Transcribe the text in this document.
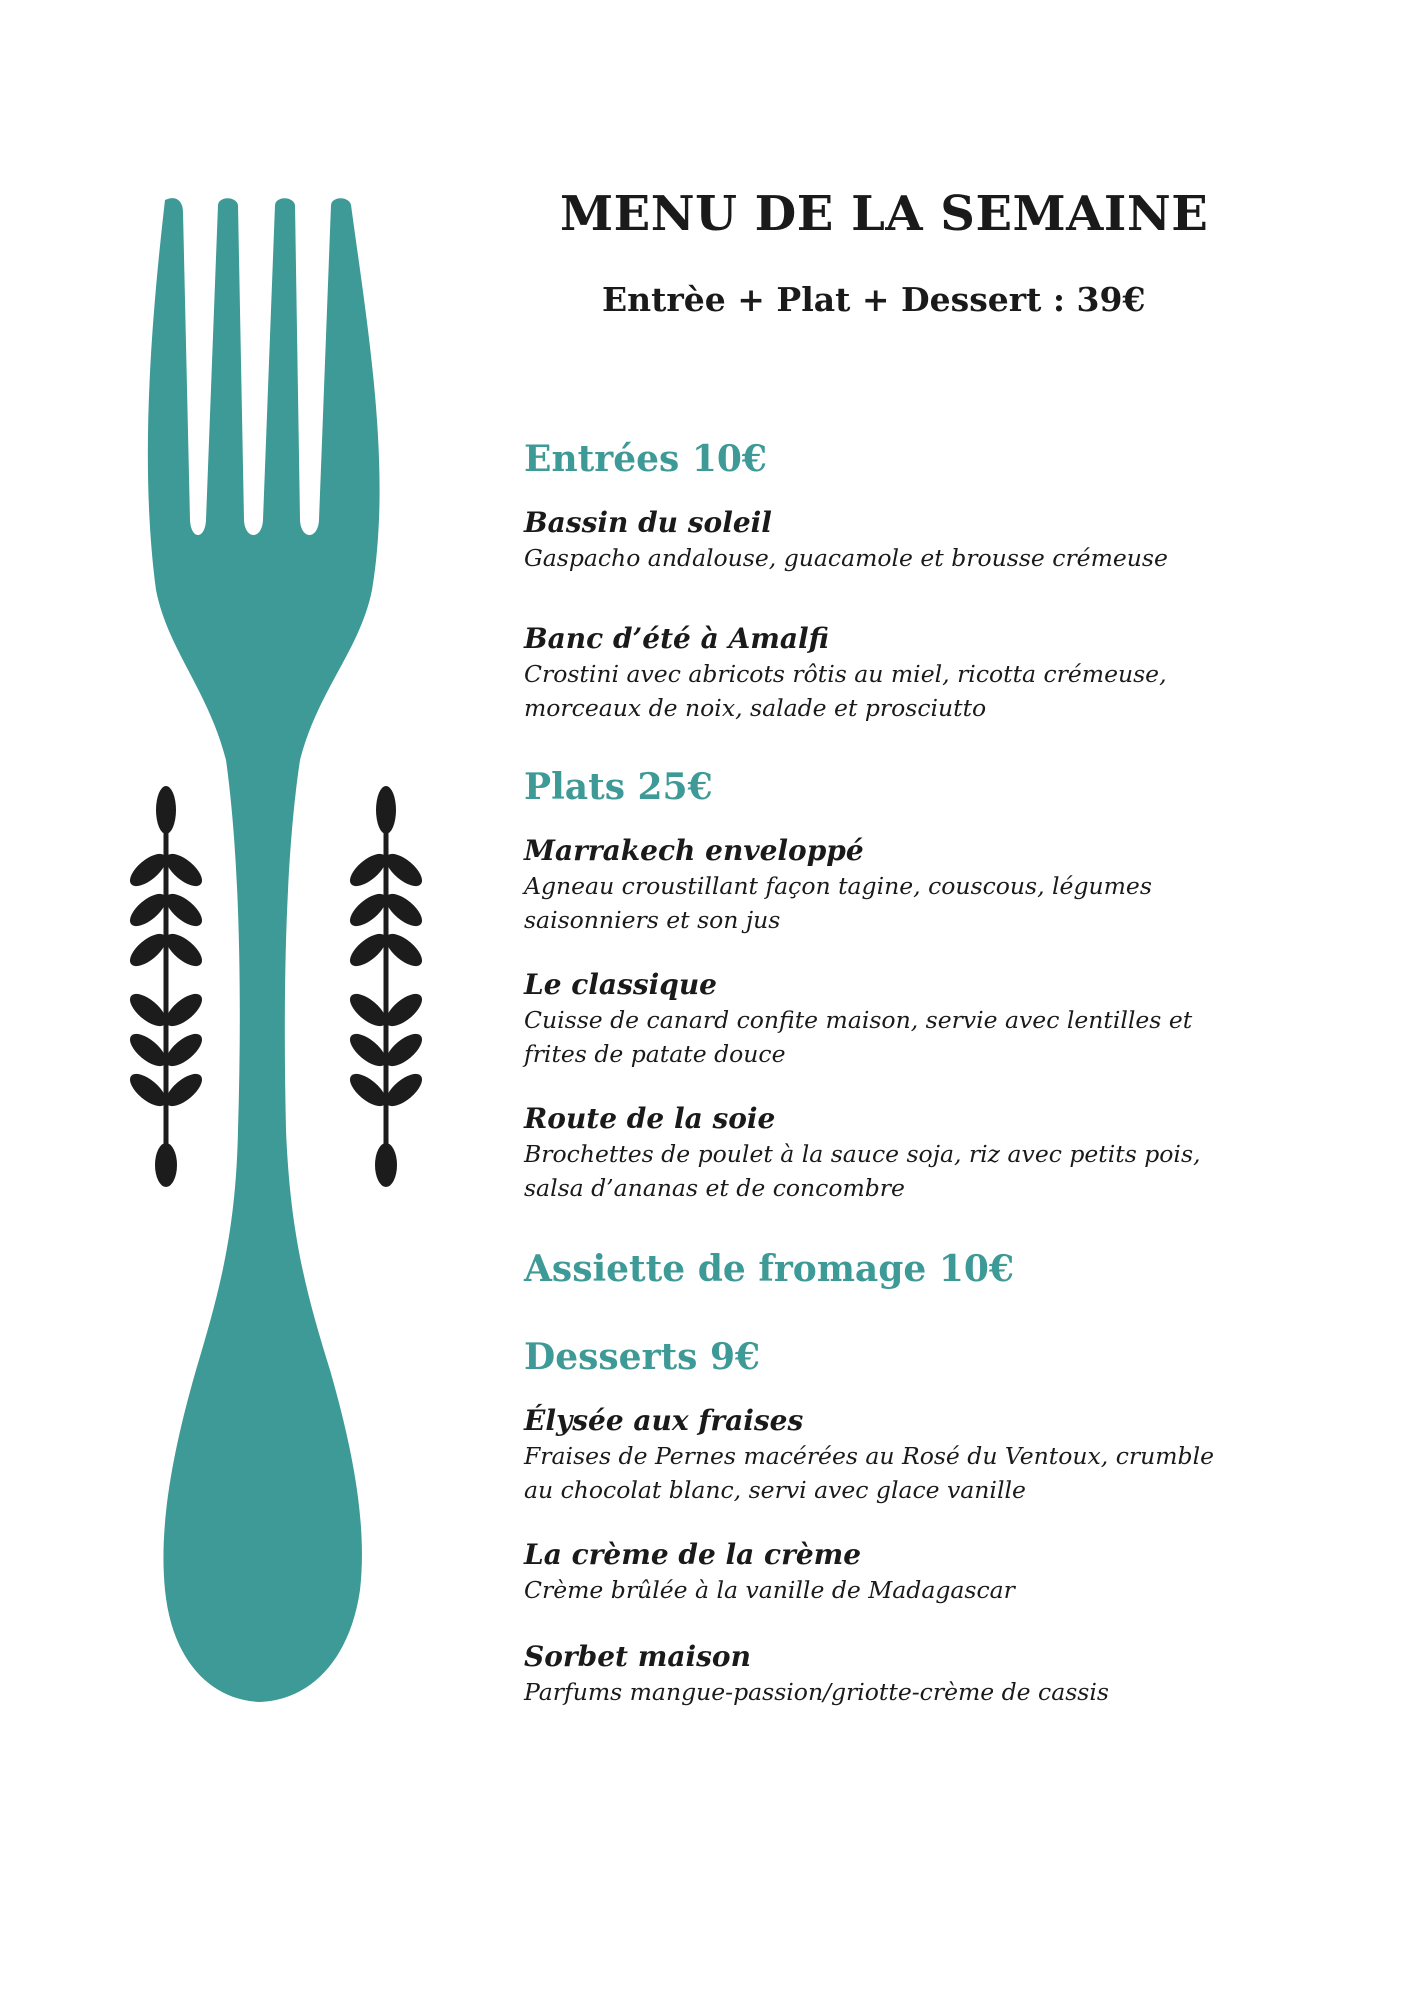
MENU DE LA SEMAINE
Entrèe + Plat + Dessert : 39€
Entrées 10€
Bassin du soleil
Gaspacho andalouse, guacamole et brousse crémeuse
Banc d’été à Amalfi
Crostini avec abricots rôtis au miel, ricotta crémeuse,
morceaux de noix, salade et prosciutto
Plats 25€
Marrakech enveloppé
Agneau croustillant façon tagine, couscous, légumes
saisonniers et son jus
Le classique
Cuisse de canard confite maison, servie avec lentilles et
frites de patate douce
Route de la soie
Brochettes de poulet à la sauce soja, riz avec petits pois,
salsa d’ananas et de concombre
Assiette de fromage 10€
Desserts 9€
Élysée aux fraises
Fraises de Pernes macérées au Rosé du Ventoux, crumble
au chocolat blanc, servi avec glace vanille
La crème de la crème
Crème brûlée à la vanille de Madagascar
Sorbet maison
Parfums mangue-passion/griotte-crème de cassis
